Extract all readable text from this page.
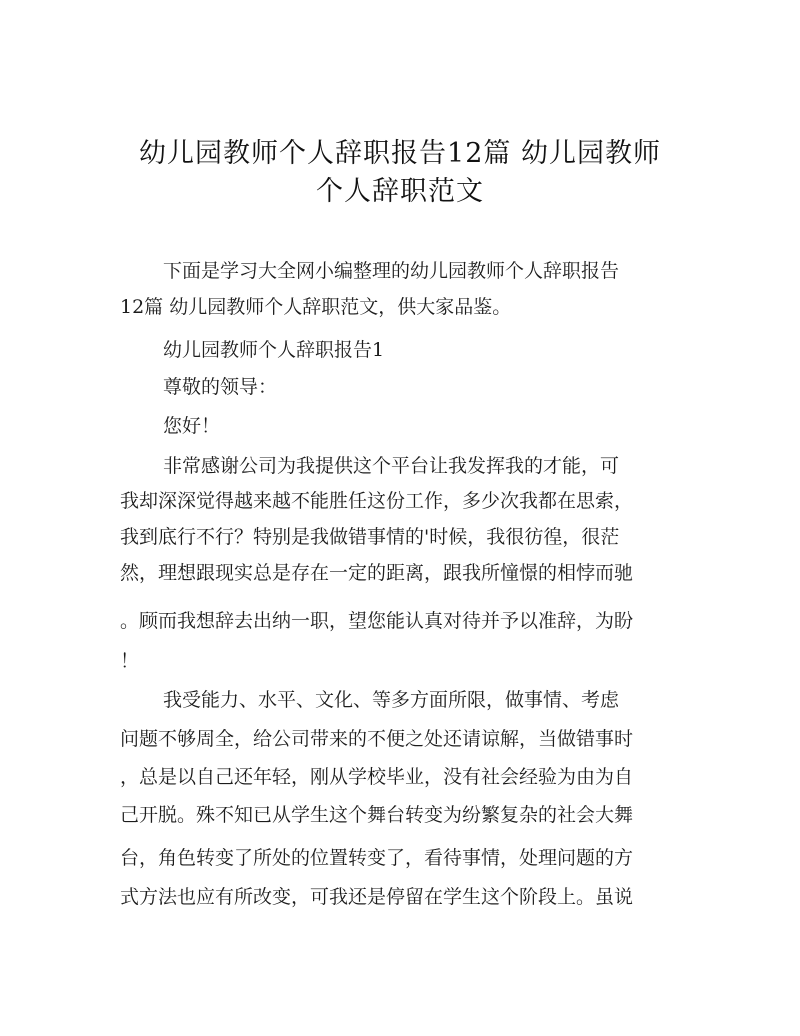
幼儿园教师个人辞职报告12篇 幼儿园教师
个人辞职范文
下面是学习大全网小编整理的幼儿园教师个人辞职报告
12篇 幼儿园教师个人辞职范文，供大家品鉴。
幼儿园教师个人辞职报告1
尊敬的领导：
您好！
非常感谢公司为我提供这个平台让我发挥我的才能，可
我却深深觉得越来越不能胜任这份工作，多少次我都在思索，
我到底行不行？特别是我做错事情的'时候，我很彷徨，很茫
然，理想跟现实总是存在一定的距离，跟我所憧憬的相悖而驰
。顾而我想辞去出纳一职，望您能认真对待并予以准辞，为盼
！
我受能力、水平、文化、等多方面所限，做事情、考虑
问题不够周全，给公司带来的不便之处还请谅解，当做错事时
，总是以自己还年轻，刚从学校毕业，没有社会经验为由为自
己开脱。殊不知已从学生这个舞台转变为纷繁复杂的社会大舞
台，角色转变了所处的位置转变了，看待事情，处理问题的方
式方法也应有所改变，可我还是停留在学生这个阶段上。虽说
